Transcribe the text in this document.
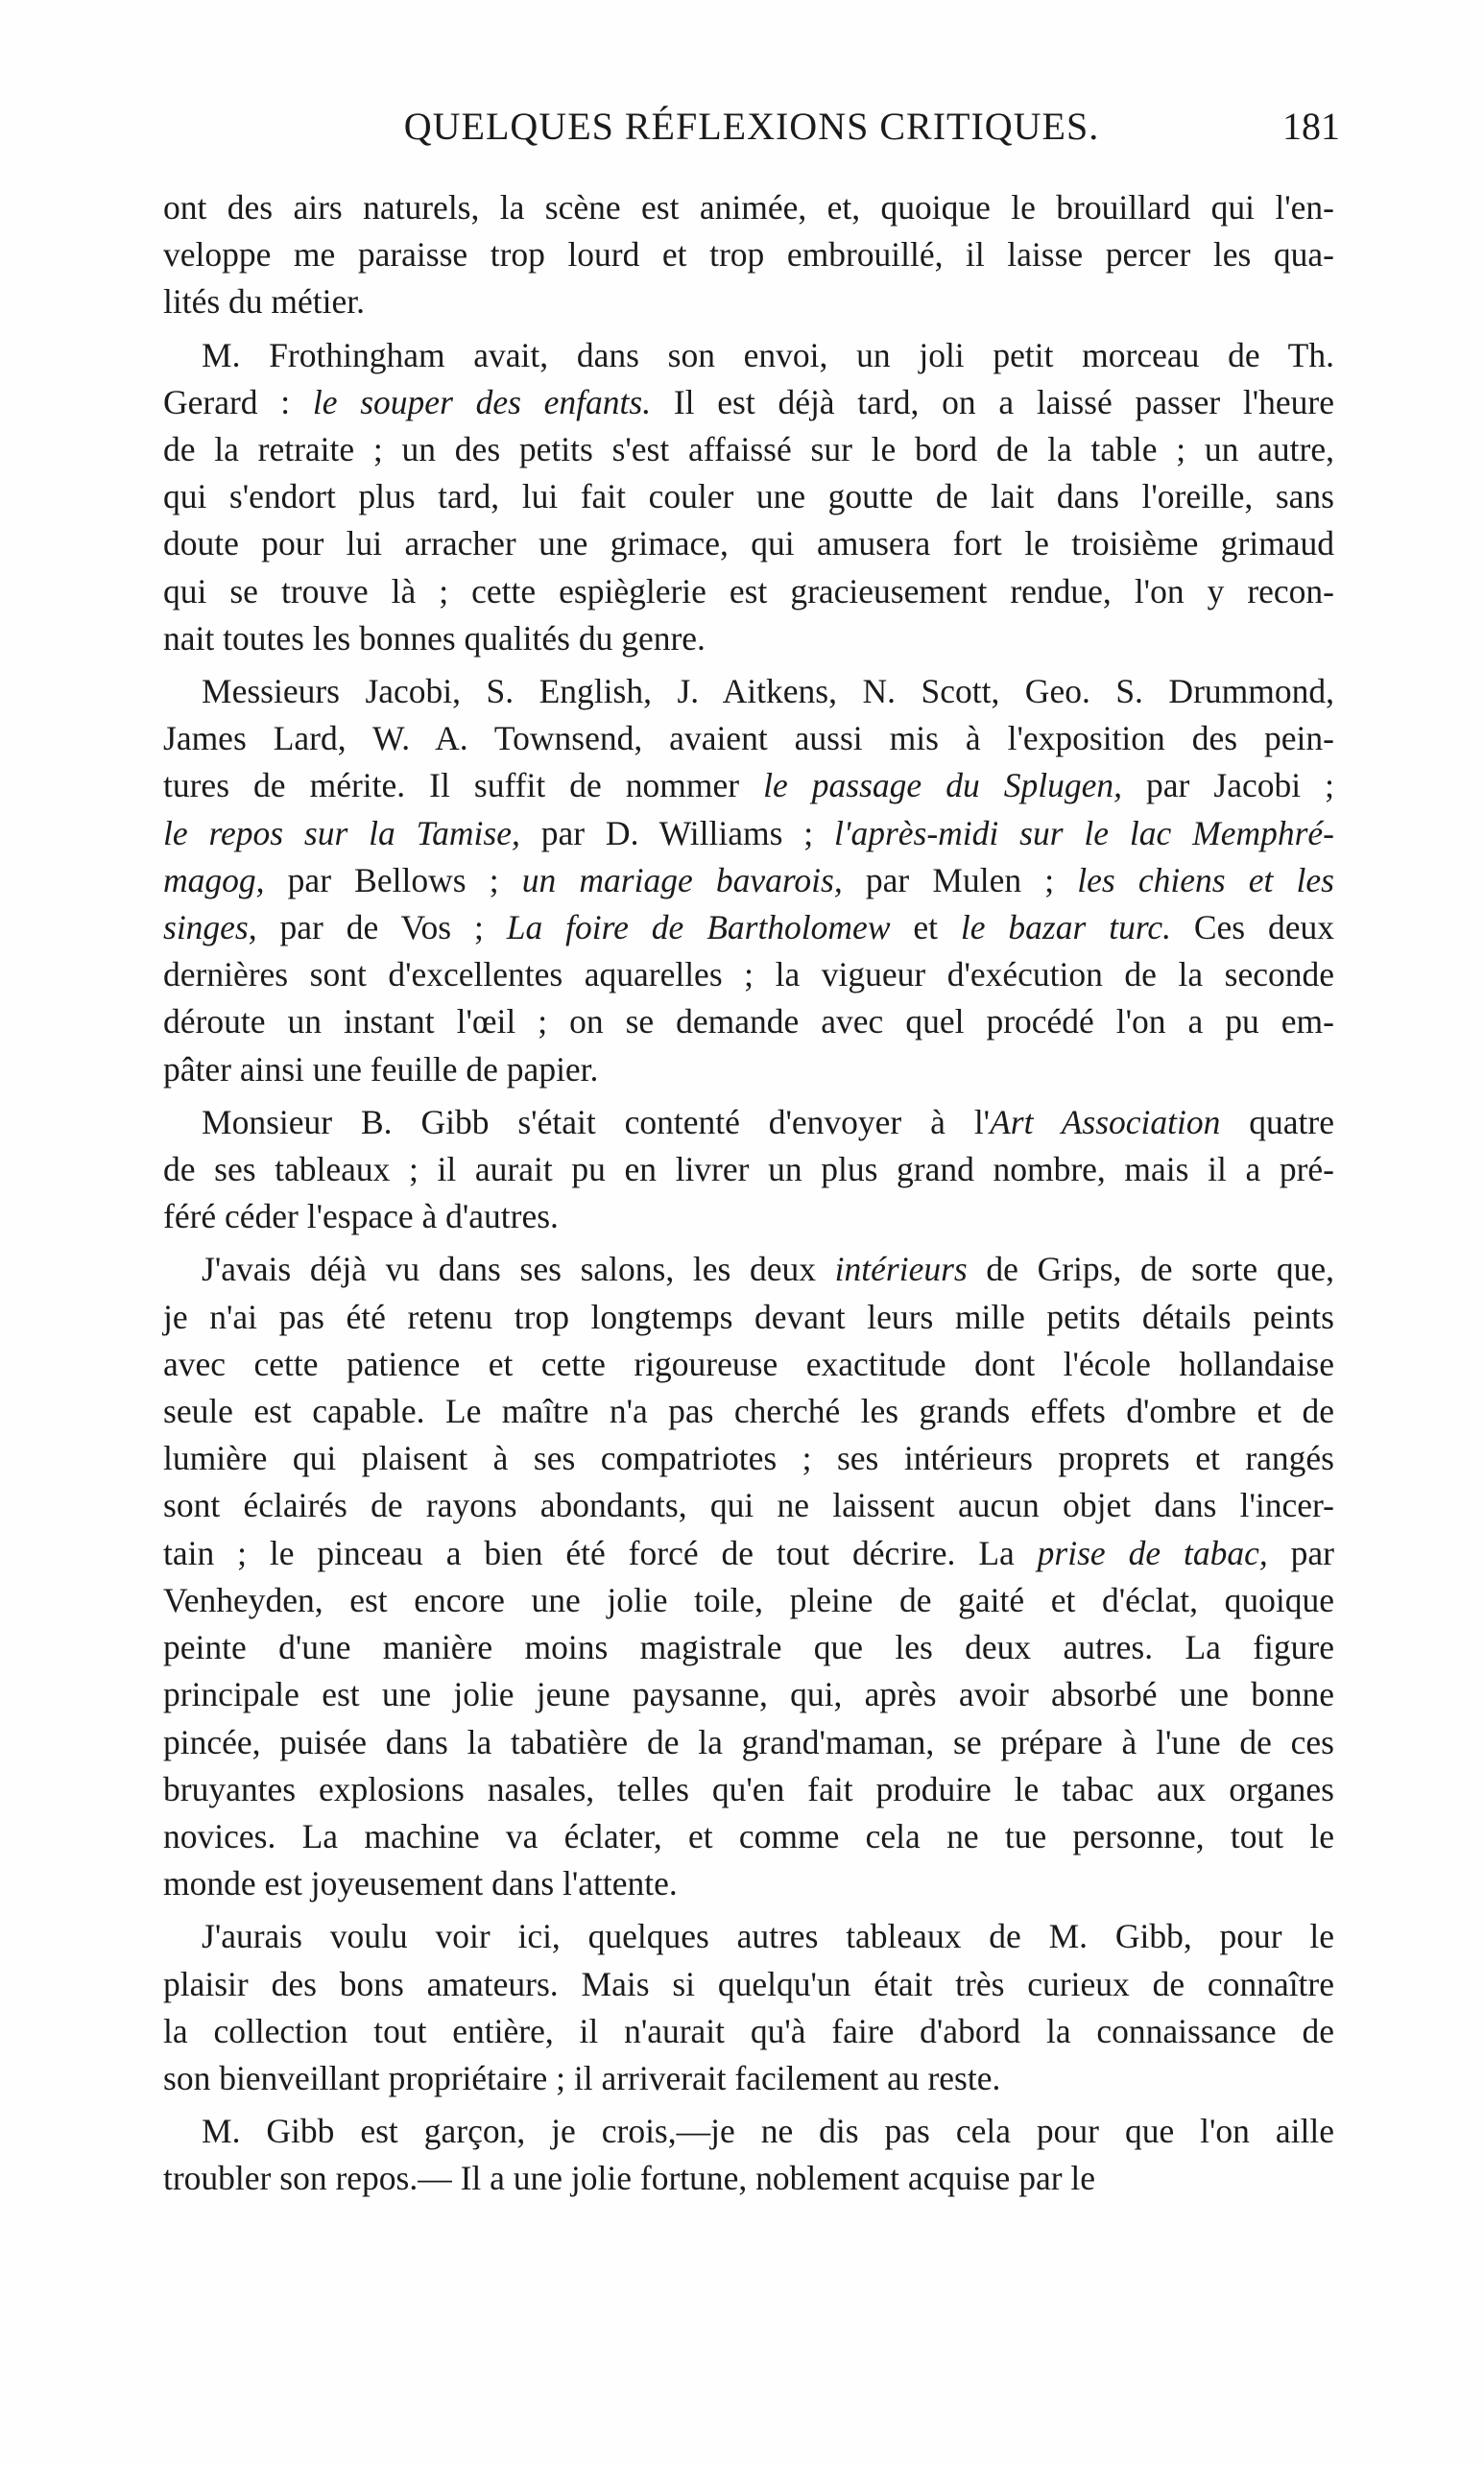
QUELQUES RÉFLEXIONS CRITIQUES.	181
ont des airs naturels, la scène est animée, et, quoique le brouillard qui l'en-
veloppe me paraisse trop lourd et trop embrouillé, il laisse percer les qua-
lités du métier.
M. Frothingham avait, dans son envoi, un joli petit morceau de Th.
Gerard : le souper des enfants. Il est déjà tard, on a laissé passer l'heure
de la retraite ; un des petits s'est affaissé sur le bord de la table ; un autre,
qui s'endort plus tard, lui fait couler une goutte de lait dans l'oreille, sans
doute pour lui arracher une grimace, qui amusera fort le troisième grimaud
qui se trouve là ; cette espièglerie est gracieusement rendue, l'on y recon-
nait toutes les bonnes qualités du genre.
Messieurs Jacobi, S. English, J. Aitkens, N. Scott, Geo. S. Drummond,
James Lard, W. A. Townsend, avaient aussi mis à l'exposition des pein-
tures de mérite. Il suffit de nommer le passage du Splugen, par Jacobi ;
le repos sur la Tamise, par D. Williams ; l'après-midi sur le lac Memphré-
magog, par Bellows ; un mariage bavarois, par Mulen ; les chiens et les
singes, par de Vos ; La foire de Bartholomew et le bazar turc. Ces deux
dernières sont d'excellentes aquarelles ; la vigueur d'exécution de la seconde
déroute un instant l'œil ; on se demande avec quel procédé l'on a pu em-
pâter ainsi une feuille de papier.
Monsieur B. Gibb s'était contenté d'envoyer à l'Art Association quatre
de ses tableaux ; il aurait pu en livrer un plus grand nombre, mais il a pré-
féré céder l'espace à d'autres.
J'avais déjà vu dans ses salons, les deux intérieurs de Grips, de sorte que,
je n'ai pas été retenu trop longtemps devant leurs mille petits détails peints
avec cette patience et cette rigoureuse exactitude dont l'école hollandaise
seule est capable. Le maître n'a pas cherché les grands effets d'ombre et de
lumière qui plaisent à ses compatriotes ; ses intérieurs proprets et rangés
sont éclairés de rayons abondants, qui ne laissent aucun objet dans l'incer-
tain ; le pinceau a bien été forcé de tout décrire. La prise de tabac, par
Venheyden, est encore une jolie toile, pleine de gaité et d'éclat, quoique
peinte d'une manière moins magistrale que les deux autres. La figure
principale est une jolie jeune paysanne, qui, après avoir absorbé une bonne
pincée, puisée dans la tabatière de la grand'maman, se prépare à l'une de ces
bruyantes explosions nasales, telles qu'en fait produire le tabac aux organes
novices. La machine va éclater, et comme cela ne tue personne, tout le
monde est joyeusement dans l'attente.
J'aurais voulu voir ici, quelques autres tableaux de M. Gibb, pour le
plaisir des bons amateurs. Mais si quelqu'un était très curieux de connaître
la collection tout entière, il n'aurait qu'à faire d'abord la connaissance de
son bienveillant propriétaire ; il arriverait facilement au reste.
M. Gibb est garçon, je crois,—je ne dis pas cela pour que l'on aille
troubler son repos.— Il a une jolie fortune, noblement acquise par le
